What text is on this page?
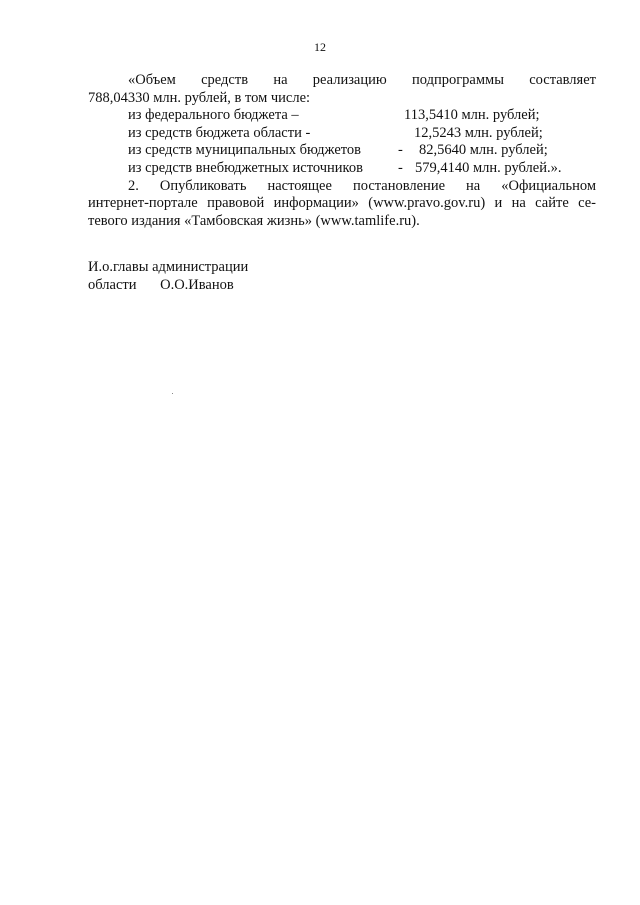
12
«Объем средств на реализацию подпрограммы составляет
788,04330 млн. рублей, в том числе:
из федерального бюджета –	113,5410 млн. рублей;
из средств бюджета области -	12,5243 млн. рублей;
из средств муниципальных бюджетов	- 82,5640 млн. рублей;
из средств внебюджетных источников - 579,4140 млн. рублей.».
2. Опубликовать настоящее постановление на «Официальном
интернет-портале правовой информации» (www.pravo.gov.ru) и на сайте се-
тевого издания «Тамбовская жизнь» (www.tamlife.ru).
И.о.главы администрации
области О.О.Иванов
